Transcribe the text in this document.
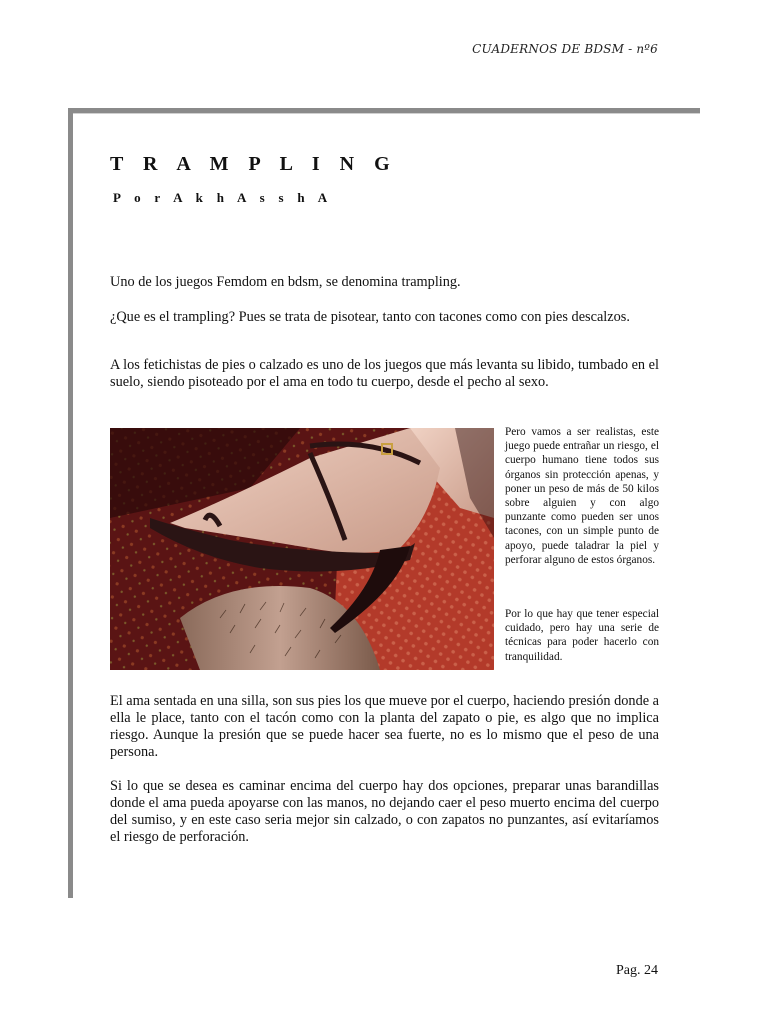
CUADERNOS DE BDSM - nº6
T R A M P L I N G

P o r A k h A s s h A

Uno de los juegos Femdom en bdsm, se denomina trampling.

¿Que es el trampling? Pues se trata de pisotear, tanto con tacones como con pies descalzos.

A los fetichistas de pies o calzado es uno de los juegos que más levanta su libido, tumbado en el suelo, siendo pisoteado por el ama en todo tu cuerpo, desde el pecho al sexo.

Pero vamos a ser realistas, este juego puede entrañar un riesgo, el cuerpo humano tiene todos sus órganos sin protección apenas, y poner un peso de más de 50 kilos sobre alguien y con algo punzante como pueden ser unos tacones, con un simple punto de apoyo, puede taladrar la piel y perforar alguno de estos órganos.

Por lo que hay que tener especial cuidado, pero hay una serie de técnicas para poder hacerlo con tranquilidad.

El ama sentada en una silla, son sus pies los que mueve por el cuerpo, haciendo presión donde a ella le place, tanto con el tacón como con la planta del zapato o pie, es algo que no implica riesgo. Aunque la presión que se puede hacer sea fuerte, no es lo mismo que el peso de una persona.

Si lo que se desea es caminar encima del cuerpo hay dos opciones, preparar unas barandillas donde el ama pueda apoyarse con las manos, no dejando caer el peso muerto encima del cuerpo del sumiso, y en este caso seria mejor sin calzado, o con zapatos no punzantes, así evitaríamos el riesgo de perforación.

Pag. 24
